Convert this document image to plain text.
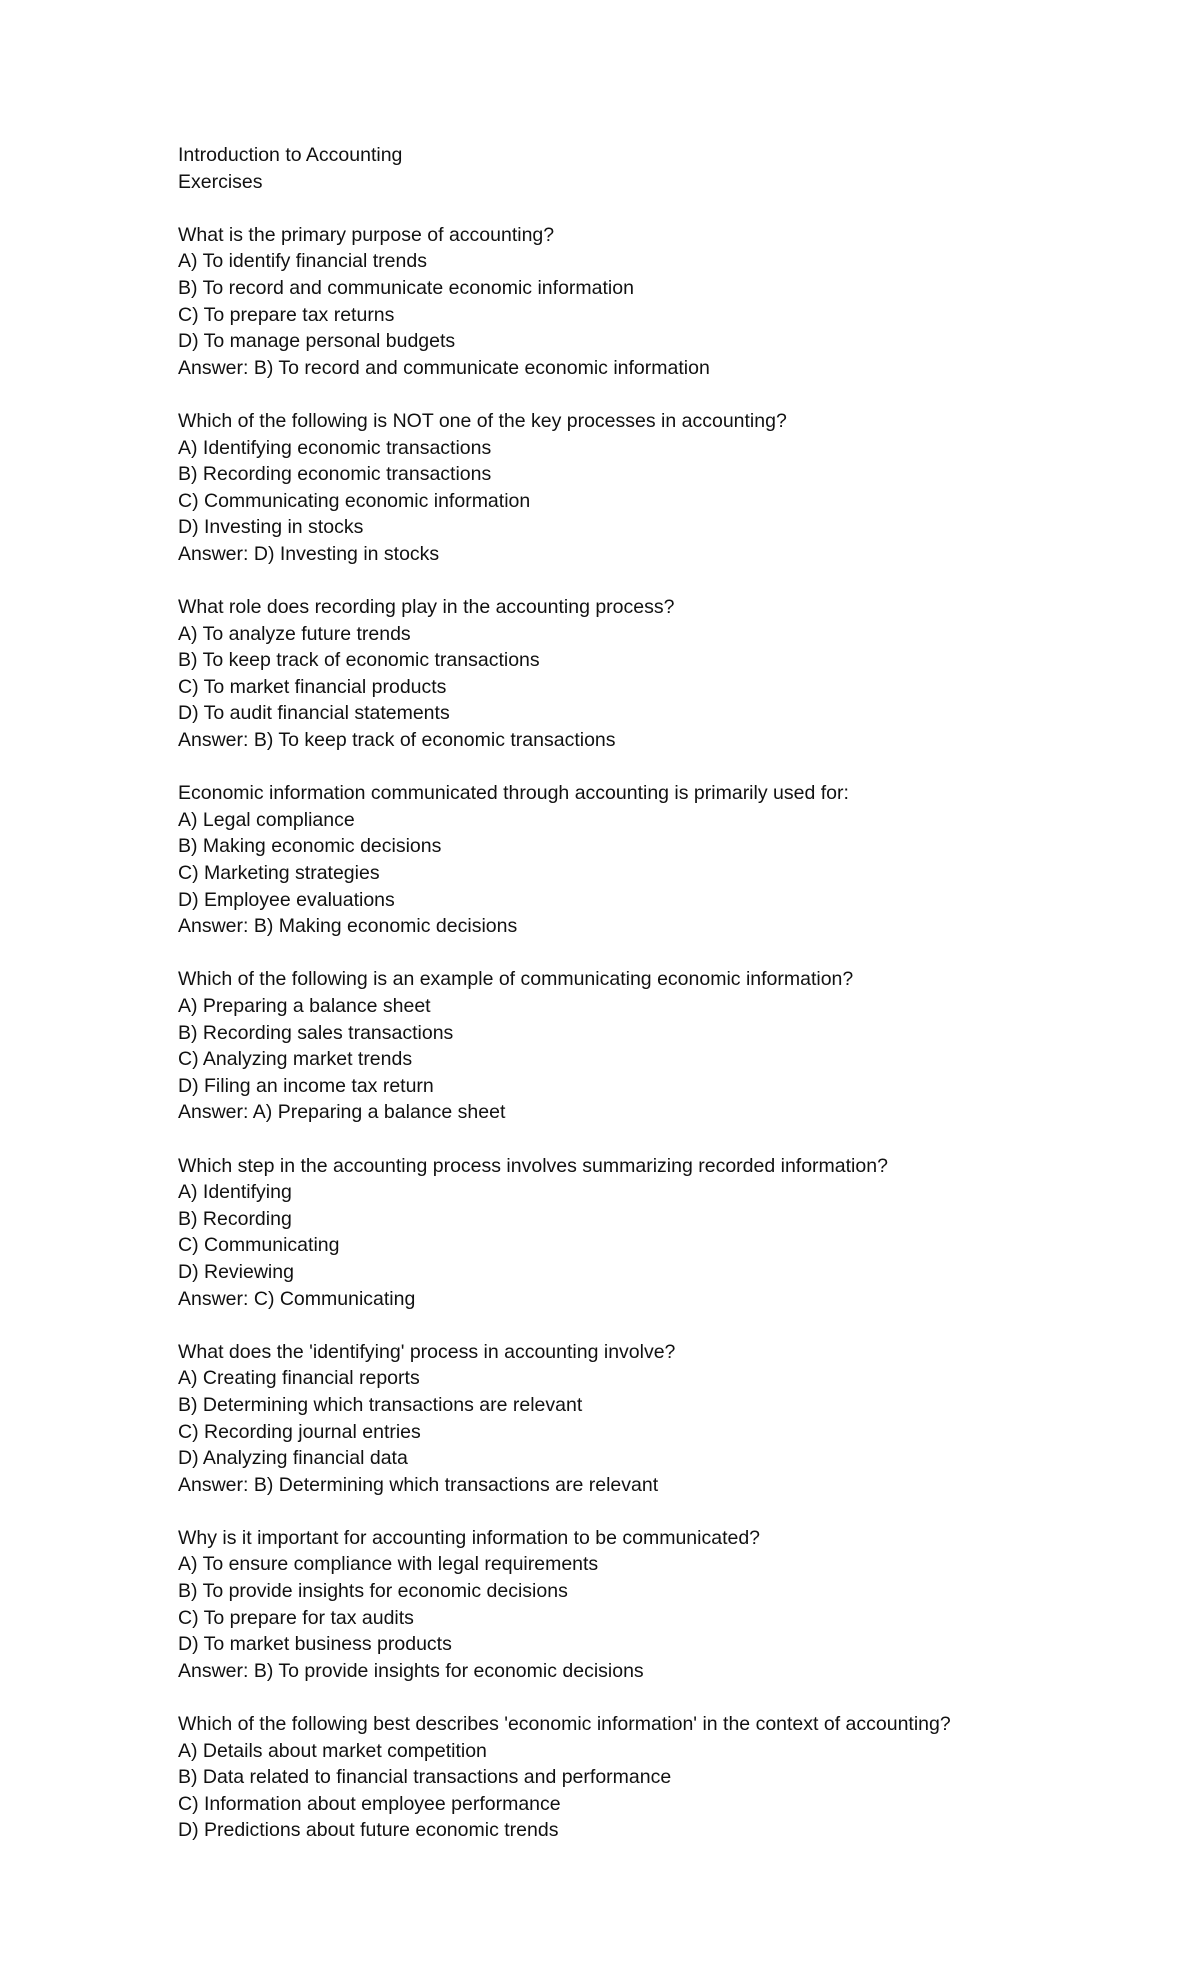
Introduction to Accounting
Exercises
What is the primary purpose of accounting?
A) To identify financial trends
B) To record and communicate economic information
C) To prepare tax returns
D) To manage personal budgets
Answer: B) To record and communicate economic information
Which of the following is NOT one of the key processes in accounting?
A) Identifying economic transactions
B) Recording economic transactions
C) Communicating economic information
D) Investing in stocks
Answer: D) Investing in stocks
What role does recording play in the accounting process?
A) To analyze future trends
B) To keep track of economic transactions
C) To market financial products
D) To audit financial statements
Answer: B) To keep track of economic transactions
Economic information communicated through accounting is primarily used for:
A) Legal compliance
B) Making economic decisions
C) Marketing strategies
D) Employee evaluations
Answer: B) Making economic decisions
Which of the following is an example of communicating economic information?
A) Preparing a balance sheet
B) Recording sales transactions
C) Analyzing market trends
D) Filing an income tax return
Answer: A) Preparing a balance sheet
Which step in the accounting process involves summarizing recorded information?
A) Identifying
B) Recording
C) Communicating
D) Reviewing
Answer: C) Communicating
What does the 'identifying' process in accounting involve?
A) Creating financial reports
B) Determining which transactions are relevant
C) Recording journal entries
D) Analyzing financial data
Answer: B) Determining which transactions are relevant
Why is it important for accounting information to be communicated?
A) To ensure compliance with legal requirements
B) To provide insights for economic decisions
C) To prepare for tax audits
D) To market business products
Answer: B) To provide insights for economic decisions
Which of the following best describes 'economic information' in the context of accounting?
A) Details about market competition
B) Data related to financial transactions and performance
C) Information about employee performance
D) Predictions about future economic trends
